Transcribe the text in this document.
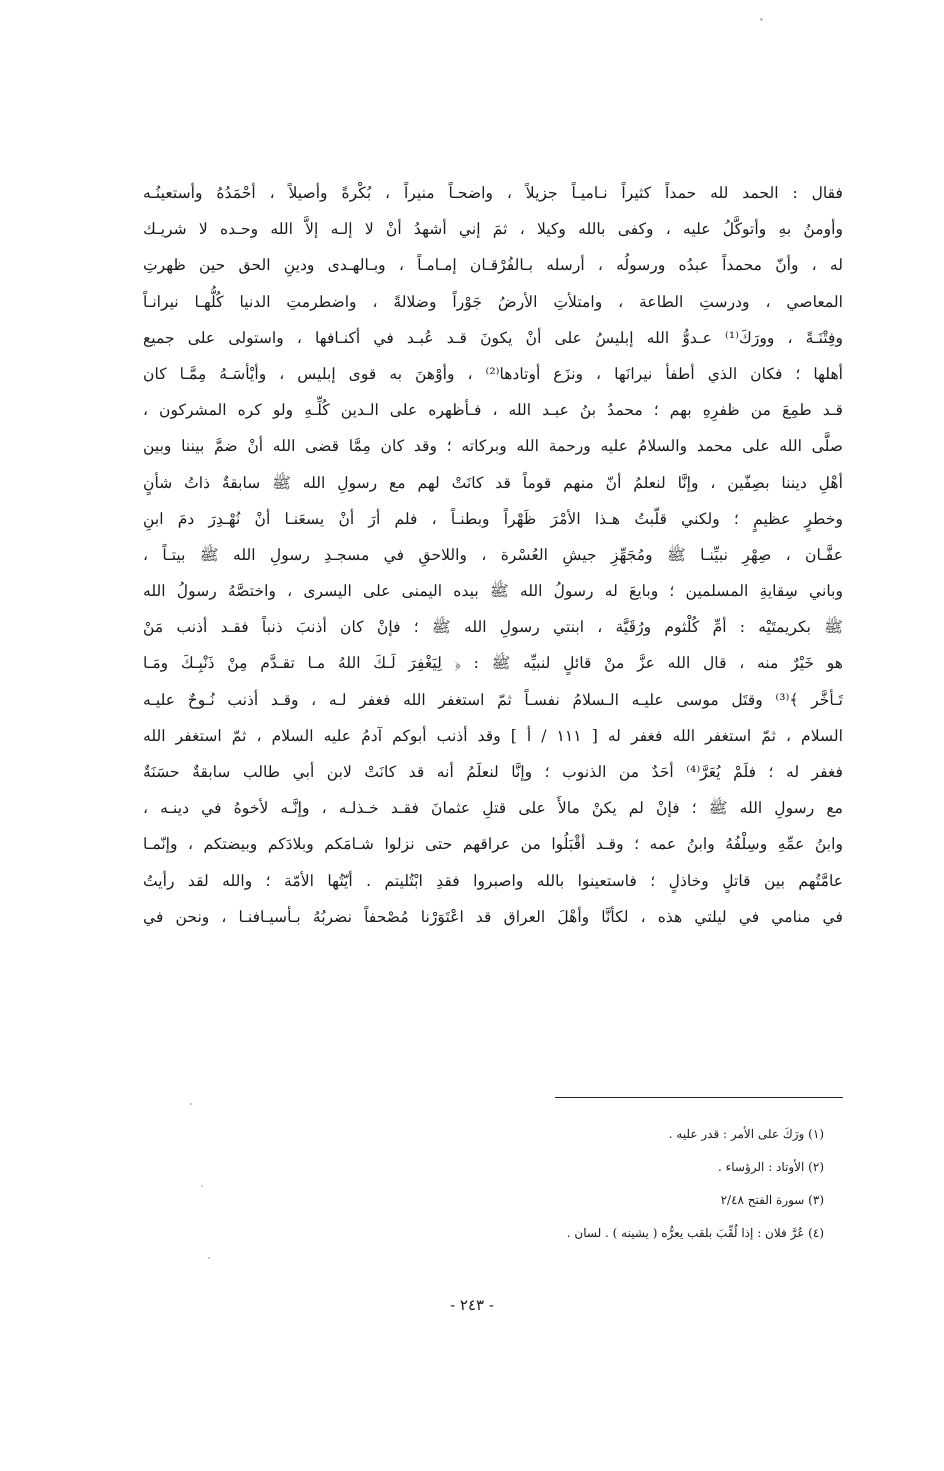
فقال : الحمد لله حمداً كثيراً نـاميـاً جزيلاً ، واضحـاً منيراً ، بُكْرةً وأصيلاً ، أحْمَدُهُ وأستعينُـه
وأومنُ بهِ وأتوكَّلُ عليه ، وكفى بالله وكيلا ، ثمَ إني أشهدُ أنْ لا إلـه إلاَّ الله وحـده لا شريـك
له ، وأنّ محمداً عبدُه ورسولُه ، أرسله بـالفُرْقـان إمـامـاً ، وبـالهـدى ودينِ الحق حين ظهرتِ
المعاصي ، ودرستِ الطاعة ، وامتلأتِ الأرضُ جَوْراً وضلالةً ، واضطرمتِ الدنيا كُلُّهـا نيرانـاً
وفِتْنَـةً ، وورَكَ⁽¹⁾ عـدوُّ الله إبليسُ على أنْ يكونَ قـد عُبـد في أكنـافها ، واستولى على جميع
أهلها ؛ فكان الذي أطفأ نيرانَها ، ونزَع أوتادها⁽²⁾ ، وأوْهنَ به قوى إبليس ، وأيْأسَـهُ مِمَّـا كان
قـد طمِعَ من ظفرِهِ بهم ؛ محمدُ بنُ عبـد الله ، فـأظهره على الـدين كُلِّـهِ ولو كره المشركون ،
صلَّى الله على محمد والسلامُ عليه ورحمة الله وبركاته ؛ وقد كان مِمَّا قضى الله أنْ ضمَّ بيننا وبين
أهْلِ ديننا بصِفّين ، وإنَّا لنعلمُ أنّ منهم قوماً قد كانَتْ لهم مع رسولِ الله ﷺ سابقةٌ ذاتُ شأنٍ
وخطرٍ عظيمٍ ؛ ولكني قلّبتُ هـذا الأمْرَ ظَهْراً وبطنـاً ، فلم أرَ أنْ يسعَنـا أنْ نُهْـدِرَ دمَ ابنِ
عفَّـان ، صِهْرِ نبيِّنـا ﷺ ومُجَهِّزِ جيشِ العُسْرة ، واللاحقِ في مسجـدِ رسولِ الله ﷺ بيتـاً ،
وباني سِقايةِ المسلمين ؛ وبايعَ له رسولُ الله ﷺ بيده اليمنى على اليسرى ، واختصَّهُ رسولُ الله
ﷺ بكريمتَيْه : أمِّ كُلْثوم ورُقَيَّة ، ابنتي رسولِ الله ﷺ ؛ فإنْ كان أذنبَ ذنباً فقـد أذنب مَنْ
هو خَيْرٌ منه ، قال الله عزَّ منْ قائلٍ لنبيِّه ﷺ : ﴿ لِيَغْفِرَ لَـكَ اللهُ مـا تقـدَّم مِنْ ذَنْبِـكَ ومَـا
تَـأخَّر ﴾⁽³⁾ وقتَل موسى عليـه الـسلامُ نفسـاً ثمّ استغفر الله فغفر لـه ، وقـد أذنب نُـوحٌ عليـه
السلام ، ثمّ استغفر الله فغفر له [ ١١١ / أ ] وقد أذنب أبوكم آدمُ عليه السلام ، ثمّ استغفر الله
فغفر له ؛ فلَمْ يُعَرَّ⁽⁴⁾ أحَدٌ من الذنوب ؛ وإنَّا لنعلَمُ أنه قد كانَتْ لابن أبي طالب سابقةٌ حسَنَةٌ
مع رسولِ الله ﷺ ؛ فإنْ لم يكنْ مالأَ على قتلِ عثمانَ فقـد خـذلـه ، وإنَّـه لأخوهُ في دينـه ،
وابنُ عمِّهِ وسِلْفُهُ وابنُ عمه ؛ وقـد أقْبَلُوا من عراقهم حتى نزلوا شـامَكم وبلادَكم وبيضتكم ، وإنّمـا
عامَّتُهم بين قاتلٍ وخاذلٍ ؛ فاستعينوا بالله واصبروا فقدِ ابْتُليتم . أيّتُها الأمّة ؛ والله لقد رأيتُ
في منامي في ليلتي هذه ، لكأنَّا وأهْلَ العراق قد اعْتَوَرْنا مُصْحفاً نضربُهُ بـأسيـافنـا ، ونحن في
(١) ورَكَ على الأمر : قدر عليه .
(٢) الأوتاد : الرؤساء .
(٣) سورة الفتح ٢/٤٨
(٤) عُرَّ فلان : إذا لُقِّبَ بلقب يعرُّه ( يشينه ) . لسان .
- ٢٤٣ -
